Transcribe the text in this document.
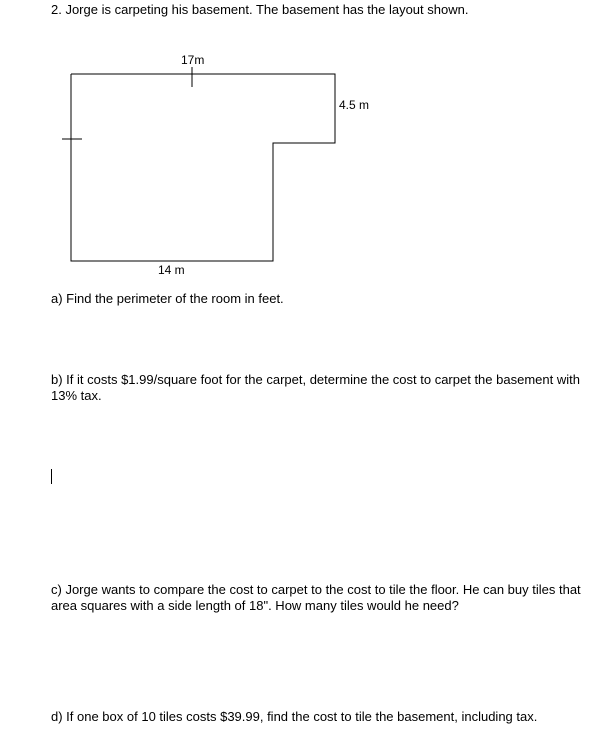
2. Jorge is carpeting his basement. The basement has the layout shown.
17m
4.5 m
14 m
a) Find the perimeter of the room in feet.
b) If it costs $1.99/square foot for the carpet, determine the cost to carpet the basement with 13% tax.
c) Jorge wants to compare the cost to carpet to the cost to tile the floor. He can buy tiles that area squares with a side length of 18". How many tiles would he need?
d) If one box of 10 tiles costs $39.99, find the cost to tile the basement, including tax.
